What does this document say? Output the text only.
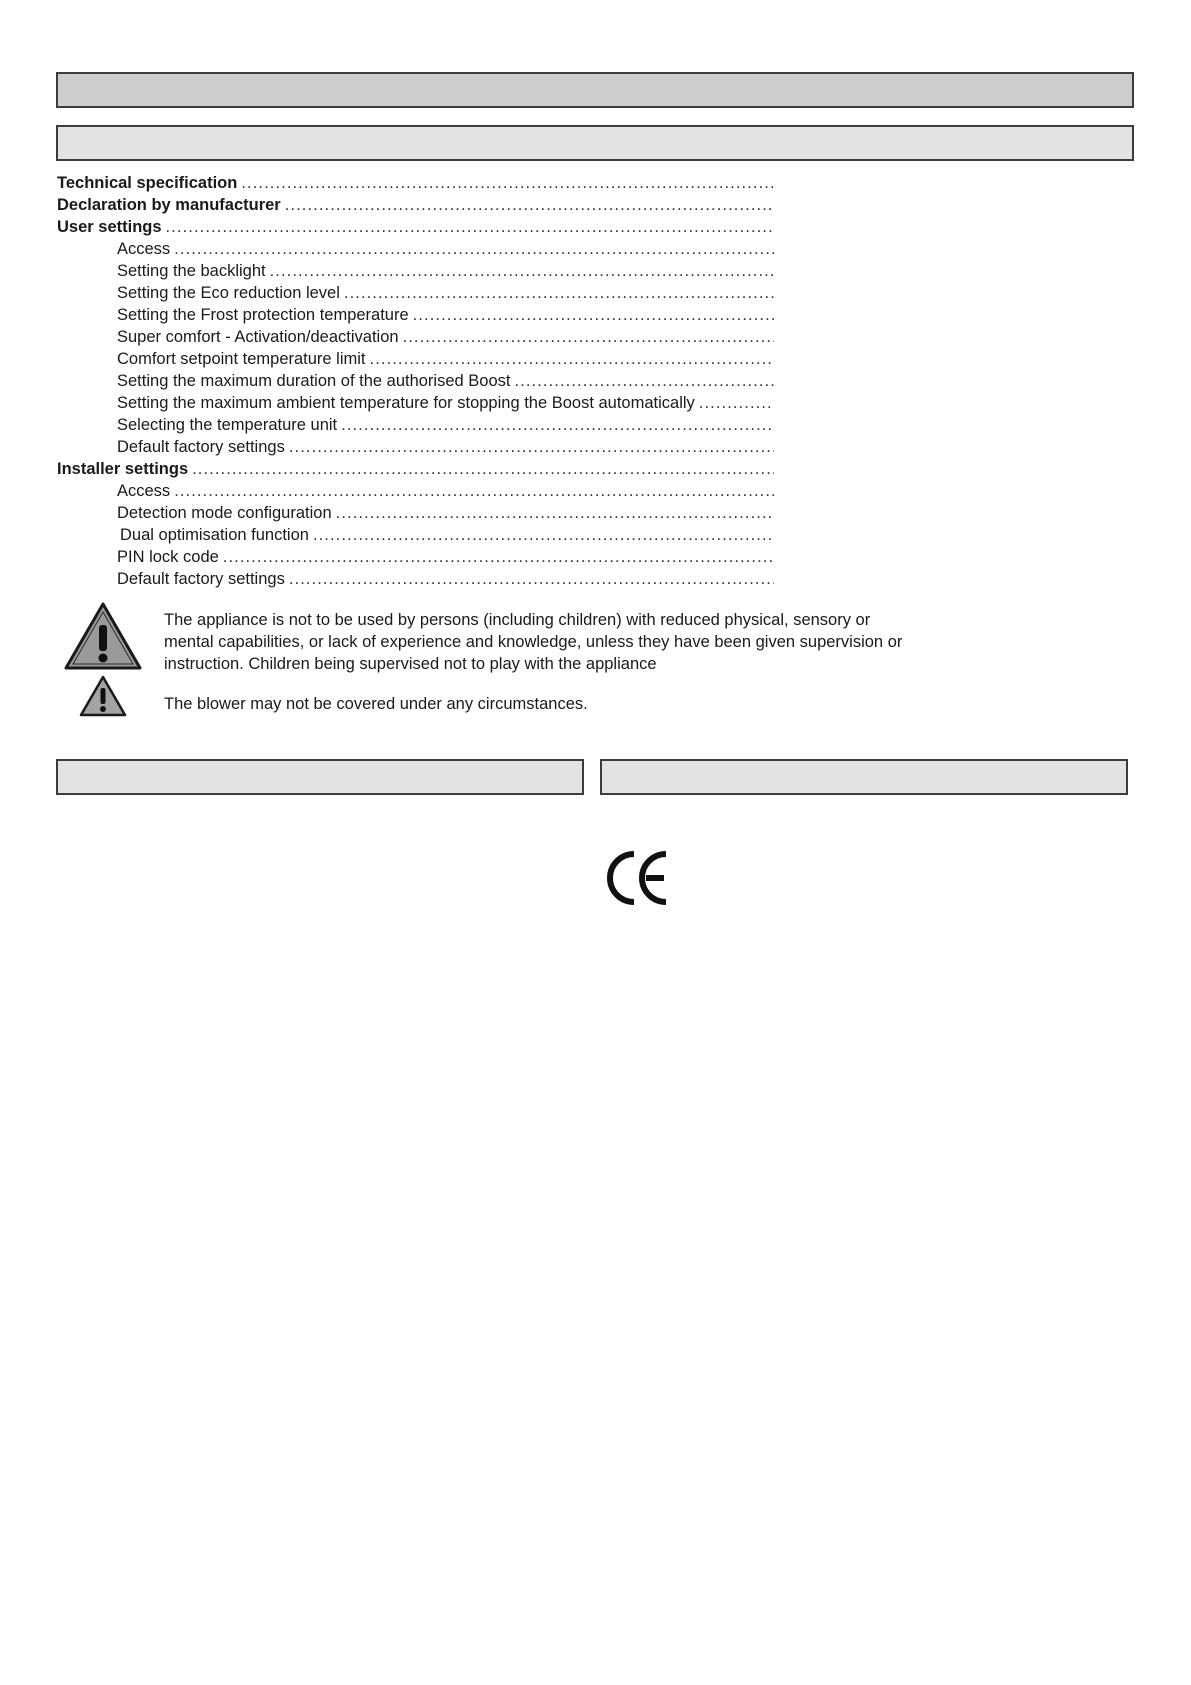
Technical specification
.....
Declaration by manufacturer
.....
User settings
.....
Access
.....
Setting the backlight
.....
Setting the Eco reduction level
.....
Setting the Frost protection temperature
.....
Super comfort - Activation/deactivation
.....
Comfort setpoint temperature limit
.....
Setting the maximum duration of the authorised Boost
.....
Setting the maximum ambient temperature for stopping the Boost automatically
.....
Selecting the temperature unit
.....
Default factory settings
.....
Installer settings
.....
Access
.....
Detection mode configuration
.....
Dual optimisation function
.....
PIN lock code
.....
Default factory settings
.....

The appliance is not to be used by persons (including children) with reduced physical, sensory or mental capabilities, or lack of experience and knowledge, unless they have been given supervision or instruction. Children being supervised not to play with the appliance

The blower may not be covered under any circumstances.
